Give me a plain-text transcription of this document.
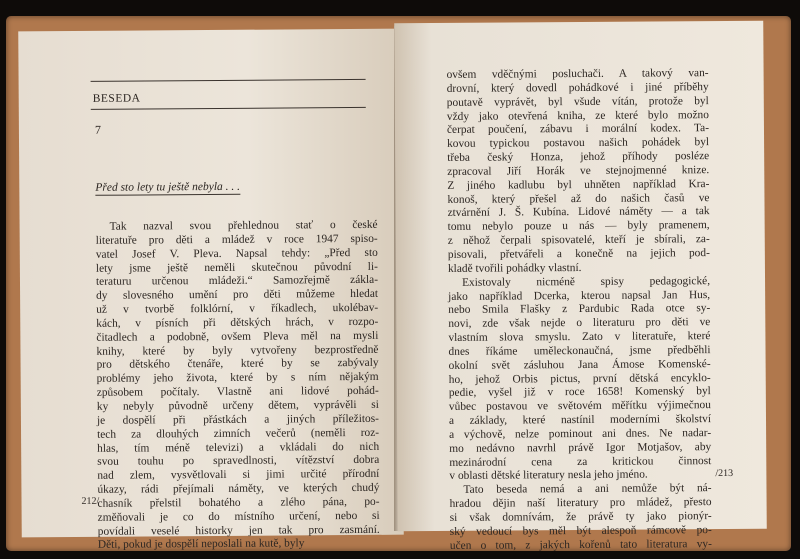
BESEDA
7
Před sto lety tu ještě nebyla . . .
Tak nazval svou přehlednou stať o české
literatuře pro děti a mládež v roce 1947 spiso-
vatel Josef V. Pleva. Napsal tehdy: „Před sto
lety jsme ještě neměli skutečnou původní li-
teraturu určenou mládeži.“ Samozřejmě zákla-
dy slovesného umění pro děti můžeme hledat
už v tvorbě folklórní, v říkadlech, ukolébav-
kách, v písních při dětských hrách, v rozpo-
čitadlech a podobně, ovšem Pleva měl na mysli
knihy, které by byly vytvořeny bezprostředně
pro dětského čtenáře, které by se zabývaly
problémy jeho života, které by s ním nějakým
způsobem počítaly. Vlastně ani lidové pohád-
ky nebyly původně určeny dětem, vyprávěli si
je dospělí při přástkách a jiných příležitos-
tech za dlouhých zimních večerů (neměli roz-
hlas, tím méně televizi) a vkládali do nich
svou touhu po spravedlnosti, vítězství dobra
nad zlem, vysvětlovali si jimi určité přírodní
úkazy, rádi přejímali náměty, ve kterých chudý
chasník přelstil bohatého a zlého pána, po-
změňovali je co do místního určení, nebo si
povídali veselé historky jen tak pro zasmání.
Děti, pokud je dospělí neposlali na kutě, byly
212/
ovšem vděčnými posluchači. A takový van-
drovní, který dovedl pohádkové i jiné příběhy
poutavě vyprávět, byl všude vítán, protože byl
vždy jako otevřená kniha, ze které bylo možno
čerpat poučení, zábavu i morální kodex. Ta-
kovou typickou postavou našich pohádek byl
třeba český Honza, jehož příhody posléze
zpracoval Jiří Horák ve stejnojmenné knize.
Z jiného kadlubu byl uhněten například Kra-
konoš, který přešel až do našich časů ve
ztvárnění J. Š. Kubína. Lidové náměty — a tak
tomu nebylo pouze u nás — byly pramenem,
z něhož čerpali spisovatelé, kteří je sbírali, za-
pisovali, přetvářeli a konečně na jejich pod-
kladě tvořili pohádky vlastní.
Existovaly nicméně spisy pedagogické,
jako například Dcerka, kterou napsal Jan Hus,
nebo Smila Flašky z Pardubic Rada otce sy-
novi, zde však nejde o literaturu pro děti ve
vlastním slova smyslu. Zato v literatuře, které
dnes říkáme uměleckonaučná, jsme předběhli
okolní svět zásluhou Jana Ámose Komenské-
ho, jehož Orbis pictus, první dětská encyklo-
pedie, vyšel již v roce 1658! Komenský byl
vůbec postavou ve světovém měřítku výjimečnou
a základy, které nastínil moderními školství
a výchově, nelze pominout ani dnes. Ne nadar-
mo nedávno navrhl právě Igor Motjašov, aby
mezinárodní cena za kritickou činnost
v oblasti dětské literatury nesla jeho jméno.
Tato beseda nemá a ani nemůže být ná-
hradou dějin naší literatury pro mládež, přesto
si však domnívám, že právě ty jako pionýr-
ský vedoucí bys měl být alespoň rámcově po-
učen o tom, z jakých kořenů tato literatura vy-
/213
